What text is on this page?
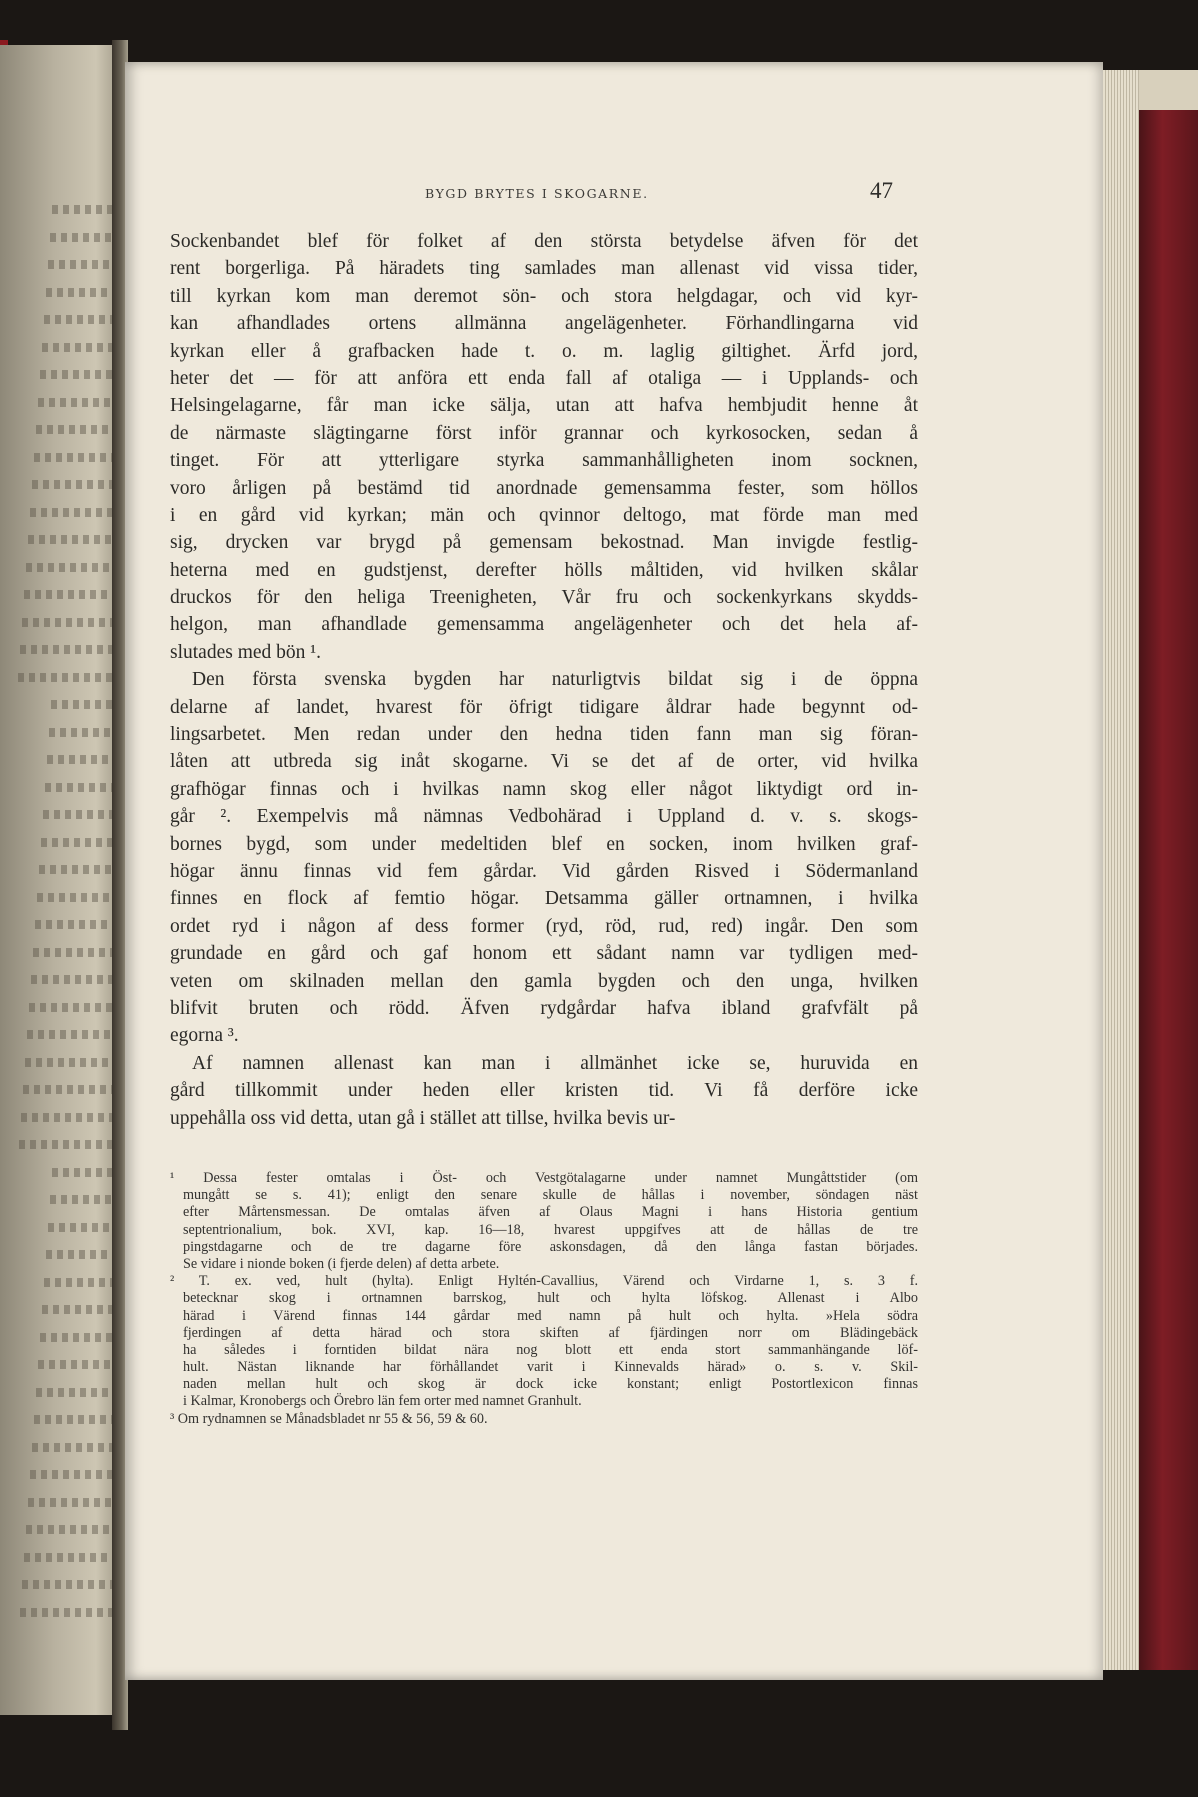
BYGD BRYTES I SKOGARNE.	47
Sockenbandet blef för folket af den största betydelse äfven för det
rent borgerliga. På häradets ting samlades man allenast vid vissa tider,
till kyrkan kom man deremot sön- och stora helgdagar, och vid kyr-
kan afhandlades ortens allmänna angelägenheter. Förhandlingarna vid
kyrkan eller å grafbacken hade t. o. m. laglig giltighet. Ärfd jord,
heter det — för att anföra ett enda fall af otaliga — i Upplands- och
Helsingelagarne, får man icke sälja, utan att hafva hembjudit henne åt
de närmaste slägtingarne först inför grannar och kyrkosocken, sedan å
tinget. För att ytterligare styrka sammanhålligheten inom socknen,
voro årligen på bestämd tid anordnade gemensamma fester, som höllos
i en gård vid kyrkan; män och qvinnor deltogo, mat förde man med
sig, drycken var brygd på gemensam bekostnad. Man invigde festlig-
heterna med en gudstjenst, derefter hölls måltiden, vid hvilken skålar
druckos för den heliga Treenigheten, Vår fru och sockenkyrkans skydds-
helgon, man afhandlade gemensamma angelägenheter och det hela af-
slutades med bön ¹.
Den första svenska bygden har naturligtvis bildat sig i de öppna
delarne af landet, hvarest för öfrigt tidigare åldrar hade begynnt od-
lingsarbetet. Men redan under den hedna tiden fann man sig föran-
låten att utbreda sig inåt skogarne. Vi se det af de orter, vid hvilka
grafhögar finnas och i hvilkas namn skog eller något liktydigt ord in-
går ². Exempelvis må nämnas Vedbohärad i Uppland d. v. s. skogs-
bornes bygd, som under medeltiden blef en socken, inom hvilken graf-
högar ännu finnas vid fem gårdar. Vid gården Risved i Södermanland
finnes en flock af femtio högar. Detsamma gäller ortnamnen, i hvilka
ordet ryd i någon af dess former (ryd, röd, rud, red) ingår. Den som
grundade en gård och gaf honom ett sådant namn var tydligen med-
veten om skilnaden mellan den gamla bygden och den unga, hvilken
blifvit bruten och rödd. Äfven rydgårdar hafva ibland grafvfält på
egorna ³.
Af namnen allenast kan man i allmänhet icke se, huruvida en
gård tillkommit under heden eller kristen tid. Vi få derföre icke
uppehålla oss vid detta, utan gå i stället att tillse, hvilka bevis ur-
¹ Dessa fester omtalas i Öst- och Vestgötalagarne under namnet Mungåttstider (om
mungått se s. 41); enligt den senare skulle de hållas i november, söndagen näst
efter Mårtensmessan. De omtalas äfven af Olaus Magni i hans Historia gentium
septentrionalium, bok. XVI, kap. 16—18, hvarest uppgifves att de hållas de tre
pingstdagarne och de tre dagarne före askonsdagen, då den långa fastan börjades.
Se vidare i nionde boken (i fjerde delen) af detta arbete.
² T. ex. ved, hult (hylta). Enligt Hyltén-Cavallius, Värend och Virdarne 1, s. 3 f.
betecknar skog i ortnamnen barrskog, hult och hylta löfskog. Allenast i Albo
härad i Värend finnas 144 gårdar med namn på hult och hylta. »Hela södra
fjerdingen af detta härad och stora skiften af fjärdingen norr om Blädingebäck
ha således i forntiden bildat nära nog blott ett enda stort sammanhängande löf-
hult. Nästan liknande har förhållandet varit i Kinnevalds härad» o. s. v. Skil-
naden mellan hult och skog är dock icke konstant; enligt Postortlexicon finnas
i Kalmar, Kronobergs och Örebro län fem orter med namnet Granhult.
³ Om rydnamnen se Månadsbladet nr 55 & 56, 59 & 60.
